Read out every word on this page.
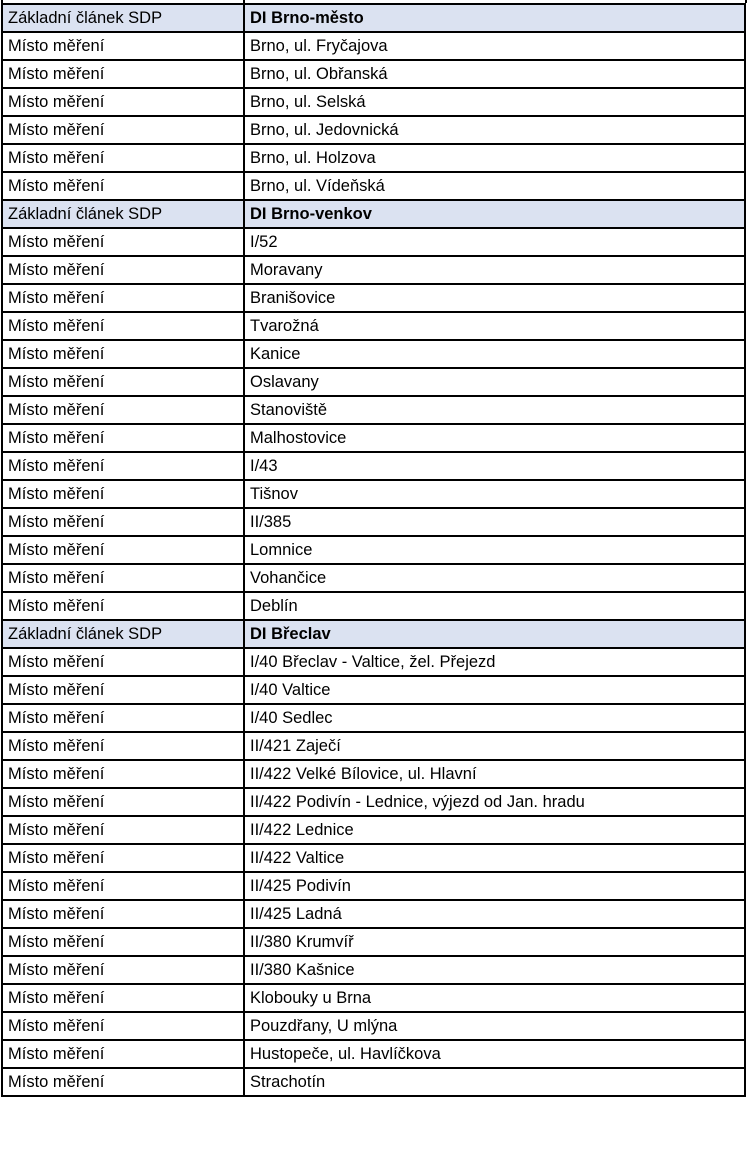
Základní článek SDP	DI Brno-město
Místo měření	Brno, ul. Fryčajova
Místo měření	Brno, ul. Obřanská
Místo měření	Brno, ul. Selská
Místo měření	Brno, ul. Jedovnická
Místo měření	Brno, ul. Holzova
Místo měření	Brno, ul. Vídeňská
Základní článek SDP	DI Brno-venkov
Místo měření	I/52
Místo měření	Moravany
Místo měření	Branišovice
Místo měření	Tvarožná
Místo měření	Kanice
Místo měření	Oslavany
Místo měření	Stanoviště
Místo měření	Malhostovice
Místo měření	I/43
Místo měření	Tišnov
Místo měření	II/385
Místo měření	Lomnice
Místo měření	Vohančice
Místo měření	Deblín
Základní článek SDP	DI Břeclav
Místo měření	I/40 Břeclav - Valtice, žel. Přejezd
Místo měření	I/40 Valtice
Místo měření	I/40 Sedlec
Místo měření	II/421 Zaječí
Místo měření	II/422 Velké Bílovice, ul. Hlavní
Místo měření	II/422 Podivín - Lednice, výjezd od Jan. hradu
Místo měření	II/422 Lednice
Místo měření	II/422 Valtice
Místo měření	II/425 Podivín
Místo měření	II/425 Ladná
Místo měření	II/380 Krumvíř
Místo měření	II/380 Kašnice
Místo měření	Klobouky u Brna
Místo měření	Pouzdřany, U mlýna
Místo měření	Hustopeče, ul. Havlíčkova
Místo měření	Strachotín
